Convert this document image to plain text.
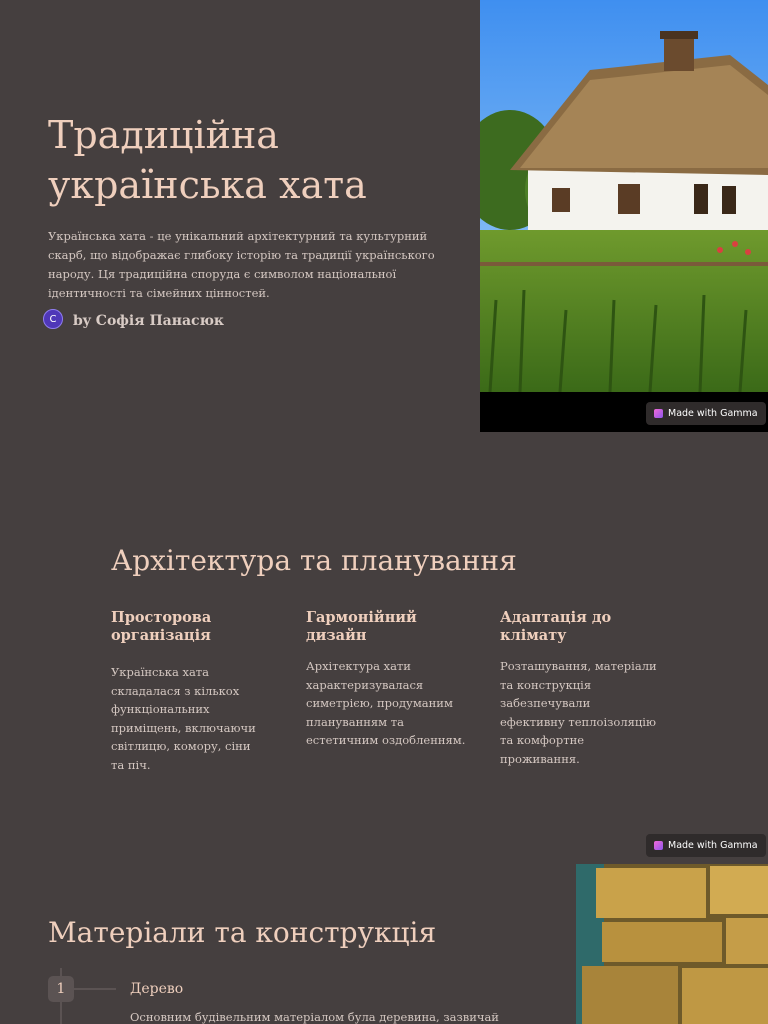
Традиційна
українська хата

Українська хата - це унікальний архітектурний та культурний скарб, що відображає глибоку історію та традиції українського народу. Ця традиційна споруда є символом національної ідентичності та сімейних цінностей.

С	by Софія Панасюк
Made with Gamma
Архітектура та планування
Просторова організація

Українська хата складалася з кількох функціональних приміщень, включаючи світлицю, комору, сіни та піч.

Гармонійний дизайн

Архітектура хати характеризувалася симетрією, продуманим плануванням та естетичним оздобленням.

Адаптація до клімату

Розташування, матеріали та конструкція забезпечували ефективну теплоізоляцію та комфортне проживання.

Made with Gamma
Матеріали та конструкція
1	Дерево
Основним будівельним матеріалом була деревина, зазвичай
